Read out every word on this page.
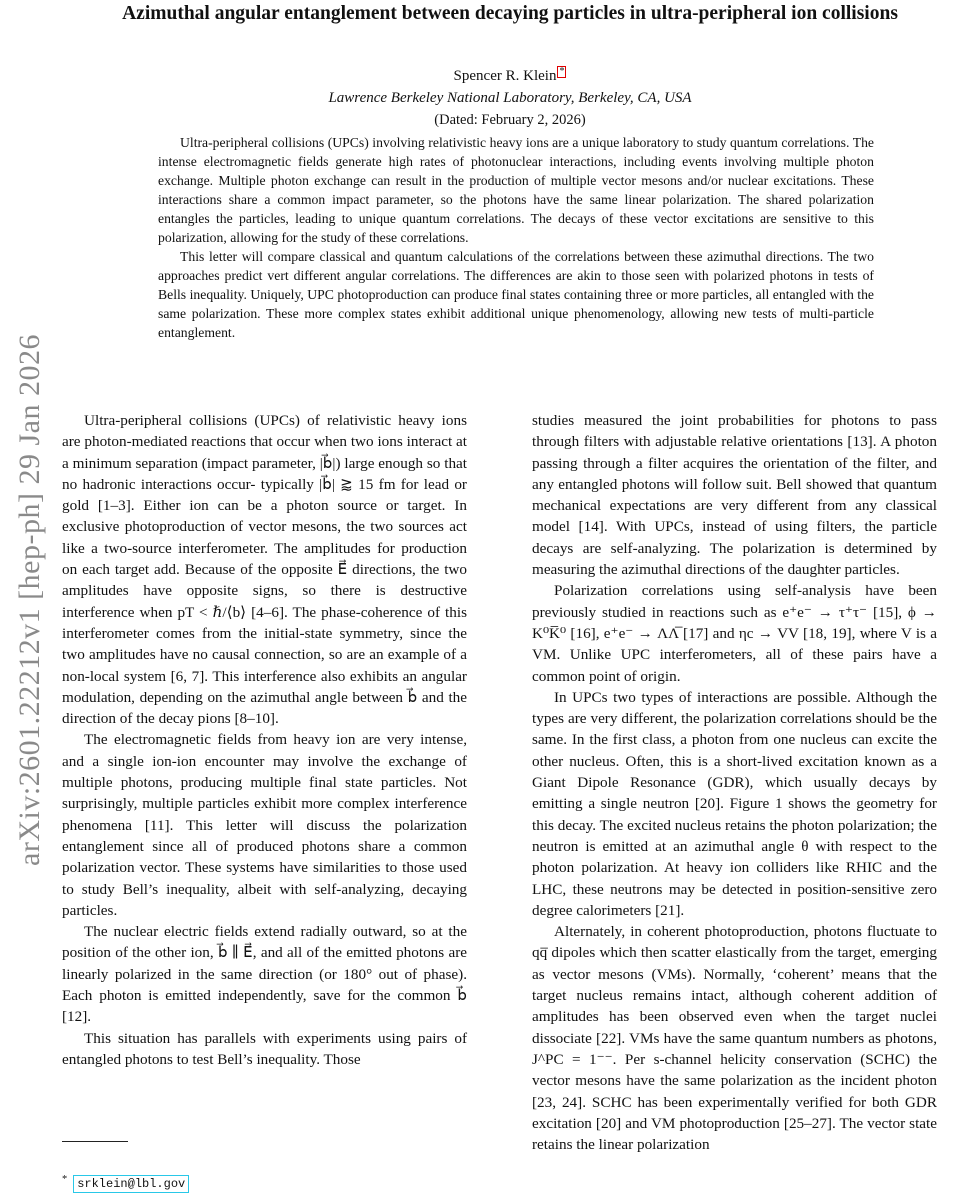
arXiv:2601.22212v1 [hep-ph] 29 Jan 2026
Azimuthal angular entanglement between decaying particles in ultra-peripheral ion collisions
Spencer R. Klein *
Lawrence Berkeley National Laboratory, Berkeley, CA, USA
(Dated: February 2, 2026)

Ultra-peripheral collisions (UPCs) involving relativistic heavy ions are a unique laboratory to study quantum correlations. The intense electromagnetic fields generate high rates of photonuclear interactions, including events involving multiple photon exchange. Multiple photon exchange can result in the production of multiple vector mesons and/or nuclear excitations. These interactions share a common impact parameter, so the photons have the same linear polarization. The shared polarization entangles the particles, leading to unique quantum correlations. The decays of these vector excitations are sensitive to this polarization, allowing for the study of these correlations.

This letter will compare classical and quantum calculations of the correlations between these azimuthal directions. The two approaches predict vert different angular correlations. The differences are akin to those seen with polarized photons in tests of Bells inequality. Uniquely, UPC photoproduction can produce final states containing three or more particles, all entangled with the same polarization. These more complex states exhibit additional unique phenomenology, allowing new tests of multi-particle entanglement.

Ultra-peripheral collisions (UPCs) of relativistic heavy ions are photon-mediated reactions that occur when two ions interact at a minimum separation (impact parameter, |b⃗|) large enough so that no hadronic interactions occur- typically |b⃗| ⪆ 15 fm for lead or gold [1–3]. Either ion can be a photon source or target. In exclusive photoproduction of vector mesons, the two sources act like a two-source interferometer. The amplitudes for production on each target add. Because of the opposite E⃗ directions, the two amplitudes have opposite signs, so there is destructive interference when pT < ℏ/⟨b⟩ [4–6]. The phase-coherence of this interferometer comes from the initial-state symmetry, since the two amplitudes have no causal connection, so are an example of a non-local system [6, 7]. This interference also exhibits an angular modulation, depending on the azimuthal angle between b⃗ and the direction of the decay pions [8–10].

The electromagnetic fields from heavy ion are very intense, and a single ion-ion encounter may involve the exchange of multiple photons, producing multiple final state particles. Not surprisingly, multiple particles exhibit more complex interference phenomena [11]. This letter will discuss the polarization entanglement since all of produced photons share a common polarization vector. These systems have similarities to those used to study Bell’s inequality, albeit with self-analyzing, decaying particles.

The nuclear electric fields extend radially outward, so at the position of the other ion, b⃗ ∥ E⃗, and all of the emitted photons are linearly polarized in the same direction (or 180° out of phase). Each photon is emitted independently, save for the common b⃗ [12].

This situation has parallels with experiments using pairs of entangled photons to test Bell’s inequality. Those

studies measured the joint probabilities for photons to pass through filters with adjustable relative orientations [13]. A photon passing through a filter acquires the orientation of the filter, and any entangled photons will follow suit. Bell showed that quantum mechanical expectations are very different from any classical model [14]. With UPCs, instead of using filters, the particle decays are self-analyzing. The polarization is determined by measuring the azimuthal directions of the daughter particles.

Polarization correlations using self-analysis have been previously studied in reactions such as e⁺e⁻ → τ⁺τ⁻ [15], ϕ → K⁰K̅⁰ [16], e⁺e⁻ → ΛΛ̅ [17] and ηc → VV [18, 19], where V is a VM. Unlike UPC interferometers, all of these pairs have a common point of origin.

In UPCs two types of interactions are possible. Although the types are very different, the polarization correlations should be the same. In the first class, a photon from one nucleus can excite the other nucleus. Often, this is a short-lived excitation known as a Giant Dipole Resonance (GDR), which usually decays by emitting a single neutron [20]. Figure 1 shows the geometry for this decay. The excited nucleus retains the photon polarization; the neutron is emitted at an azimuthal angle θ with respect to the photon polarization. At heavy ion colliders like RHIC and the LHC, these neutrons may be detected in position-sensitive zero degree calorimeters [21].

Alternately, in coherent photoproduction, photons fluctuate to qq̅ dipoles which then scatter elastically from the target, emerging as vector mesons (VMs). Normally, ‘coherent’ means that the target nucleus remains intact, although coherent addition of amplitudes has been observed even when the target nuclei dissociate [22]. VMs have the same quantum numbers as photons, J^PC = 1⁻⁻. Per s-channel helicity conservation (SCHC) the vector mesons have the same polarization as the incident photon [23, 24]. SCHC has been experimentally verified for both GDR excitation [20] and VM photoproduction [25–27]. The vector state retains the linear polarization

* srklein@lbl.gov
